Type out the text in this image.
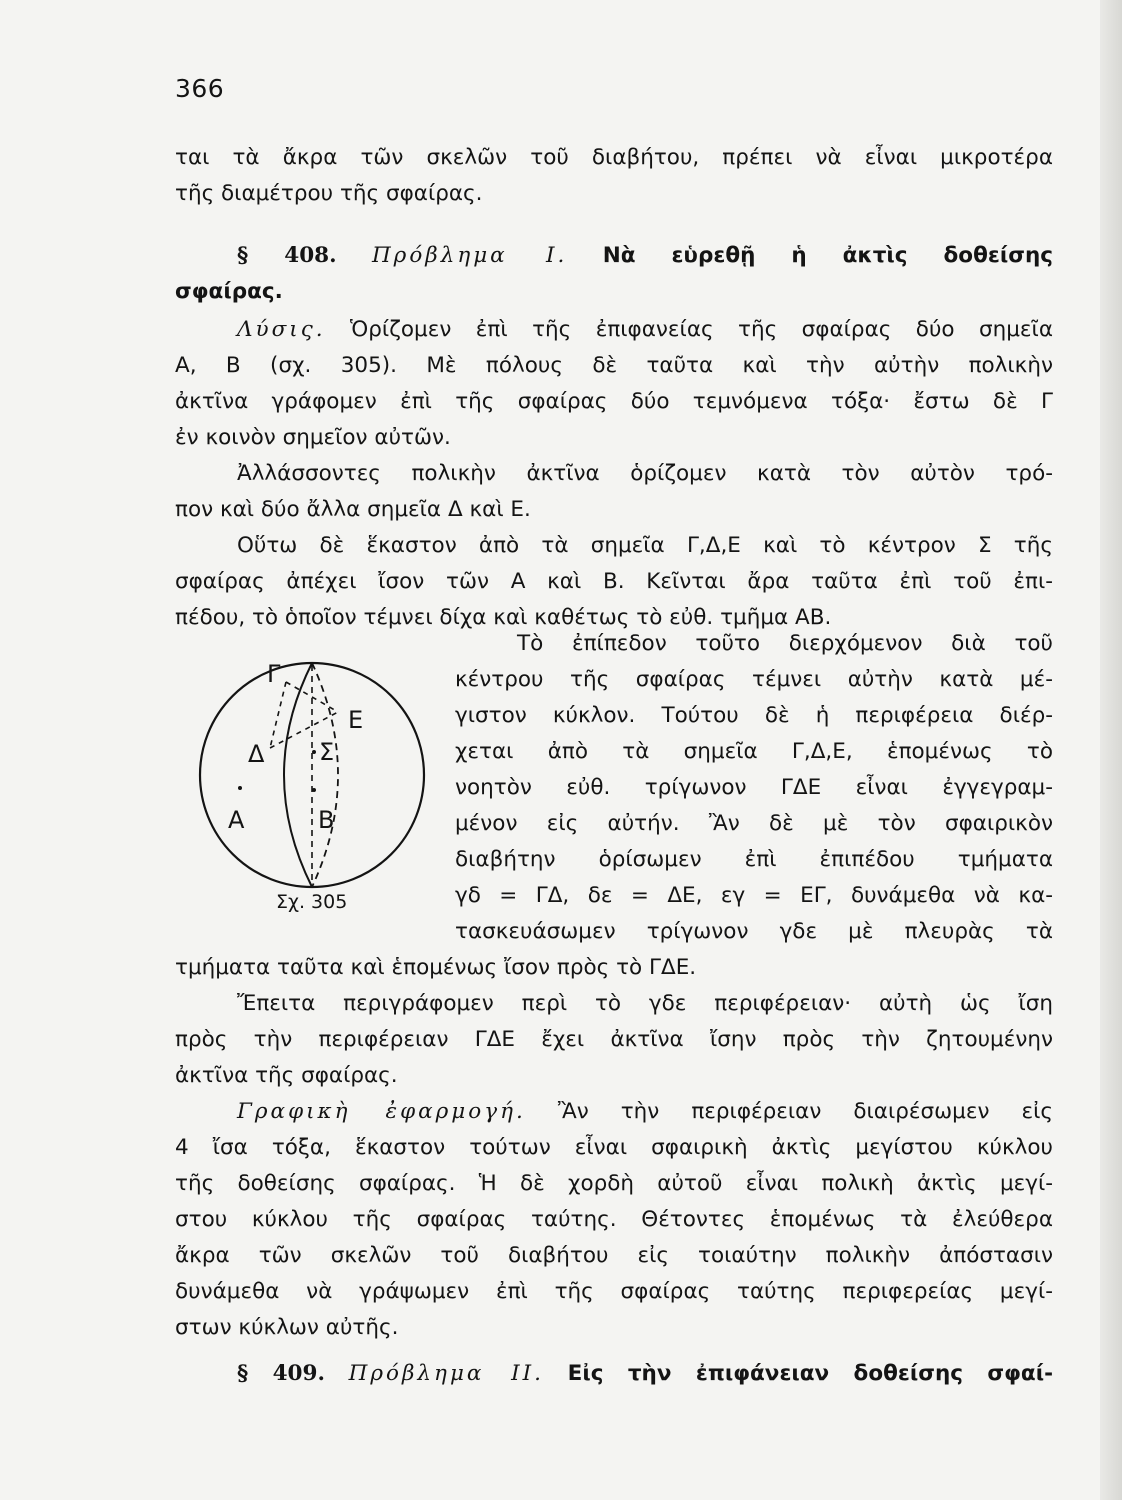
366
ται τὰ ἄκρα τῶν σκελῶν τοῦ διαβήτου, πρέπει νὰ εἶναι μικροτέρα
τῆς διαμέτρου τῆς σφαίρας.
§ 408. Πρόβλημα Ι. Νὰ εὑρεθῇ ἡ ἀκτὶς δοθείσης
σφαίρας.
Λύσις. Ὁρίζομεν ἐπὶ τῆς ἐπιφανείας τῆς σφαίρας δύο σημεῖα
Α, Β (σχ. 305). Μὲ πόλους δὲ ταῦτα καὶ τὴν αὐτὴν πολικὴν
ἀκτῖνα γράφομεν ἐπὶ τῆς σφαίρας δύο τεμνόμενα τόξα· ἔστω δὲ Γ
ἐν κοινὸν σημεῖον αὐτῶν.
Ἀλλάσσοντες πολικὴν ἀκτῖνα ὁρίζομεν κατὰ τὸν αὐτὸν τρό-
πον καὶ δύο ἄλλα σημεῖα Δ καὶ Ε.
Οὕτω δὲ ἕκαστον ἀπὸ τὰ σημεῖα Γ,Δ,Ε καὶ τὸ κέντρον Σ τῆς
σφαίρας ἀπέχει ἴσον τῶν Α καὶ Β. Κεῖνται ἄρα ταῦτα ἐπὶ τοῦ ἐπι-
πέδου, τὸ ὁποῖον τέμνει δίχα καὶ καθέτως τὸ εὐθ. τμῆμα ΑΒ.
Γ
Ε
Δ Σ
Α	Β
Σχ. 305
Τὸ ἐπίπεδον τοῦτο διερχόμενον διὰ τοῦ
κέντρου τῆς σφαίρας τέμνει αὐτὴν κατὰ μέ-
γιστον κύκλον. Τούτου δὲ ἡ περιφέρεια διέρ-
χεται ἀπὸ τὰ σημεῖα Γ,Δ,Ε, ἑπομένως τὸ
νοητὸν εὐθ. τρίγωνον ΓΔΕ εἶναι ἐγγεγραμ-
μένον εἰς αὐτήν. Ἂν δὲ μὲ τὸν σφαιρικὸν
διαβήτην ὁρίσωμεν ἐπὶ ἐπιπέδου τμήματα
γδ = ΓΔ, δε = ΔΕ, εγ = ΕΓ, δυνάμεθα νὰ κα-
τασκευάσωμεν τρίγωνον γδε μὲ πλευρὰς τὰ
τμήματα ταῦτα καὶ ἑπομένως ἴσον πρὸς τὸ ΓΔΕ.
Ἔπειτα περιγράφομεν περὶ τὸ γδε περιφέρειαν· αὐτὴ ὡς ἴση
πρὸς τὴν περιφέρειαν ΓΔΕ ἔχει ἀκτῖνα ἴσην πρὸς τὴν ζητουμένην
ἀκτῖνα τῆς σφαίρας.
Γραφικὴ ἐφαρμογή. Ἂν τὴν περιφέρειαν διαιρέσωμεν εἰς
4 ἴσα τόξα, ἕκαστον τούτων εἶναι σφαιρικὴ ἀκτὶς μεγίστου κύκλου
τῆς δοθείσης σφαίρας. Ἡ δὲ χορδὴ αὐτοῦ εἶναι πολικὴ ἀκτὶς μεγί-
στου κύκλου τῆς σφαίρας ταύτης. Θέτοντες ἑπομένως τὰ ἐλεύθερα
ἄκρα τῶν σκελῶν τοῦ διαβήτου εἰς τοιαύτην πολικὴν ἀπόστασιν
δυνάμεθα νὰ γράψωμεν ἐπὶ τῆς σφαίρας ταύτης περιφερείας μεγί-
στων κύκλων αὐτῆς.
§ 409. Πρόβλημα ΙΙ. Εἰς τὴν ἐπιφάνειαν δοθείσης σφαί-
